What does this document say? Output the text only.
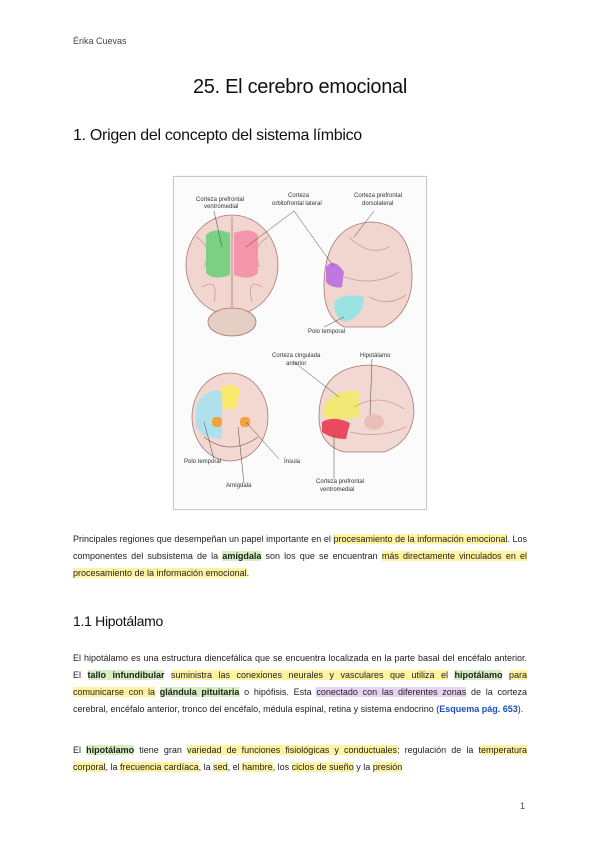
Érika Cuevas
25. El cerebro emocional
1. Origen del concepto del sistema límbico
Corteza prefrontal
ventromedial
Corteza
orbitofrontal lateral
Corteza prefrontal
dorsolateral
Polo temporal
Corteza cingulada
anterior
Hipotálamo
Polo temporal	Ínsula
Amígdala
Corteza prefrontal
ventromedial
Principales regiones que desempeñan un papel importante en el procesamiento de la información emocional. Los componentes del subsistema de la amígdala son los que se encuentran más directamente vinculados en el procesamiento de la información emocional.
1.1 Hipotálamo
El hipotálamo es una estructura diencefálica que se encuentra localizada en la parte basal del encéfalo anterior. El tallo infundibular suministra las conexiones neurales y vasculares que utiliza el hipotálamo para comunicarse con la glándula pituitaria o hipófisis. Esta conectado con las diferentes zonas de la corteza cerebral, encéfalo anterior, tronco del encéfalo, médula espinal, retina y sistema endocrino (Esquema pág. 653).
El hipotálamo tiene gran variedad de funciones fisiológicas y conductuales; regulación de la temperatura corporal, la frecuencia cardíaca, la sed, el hambre, los ciclos de sueño y la presión
1
